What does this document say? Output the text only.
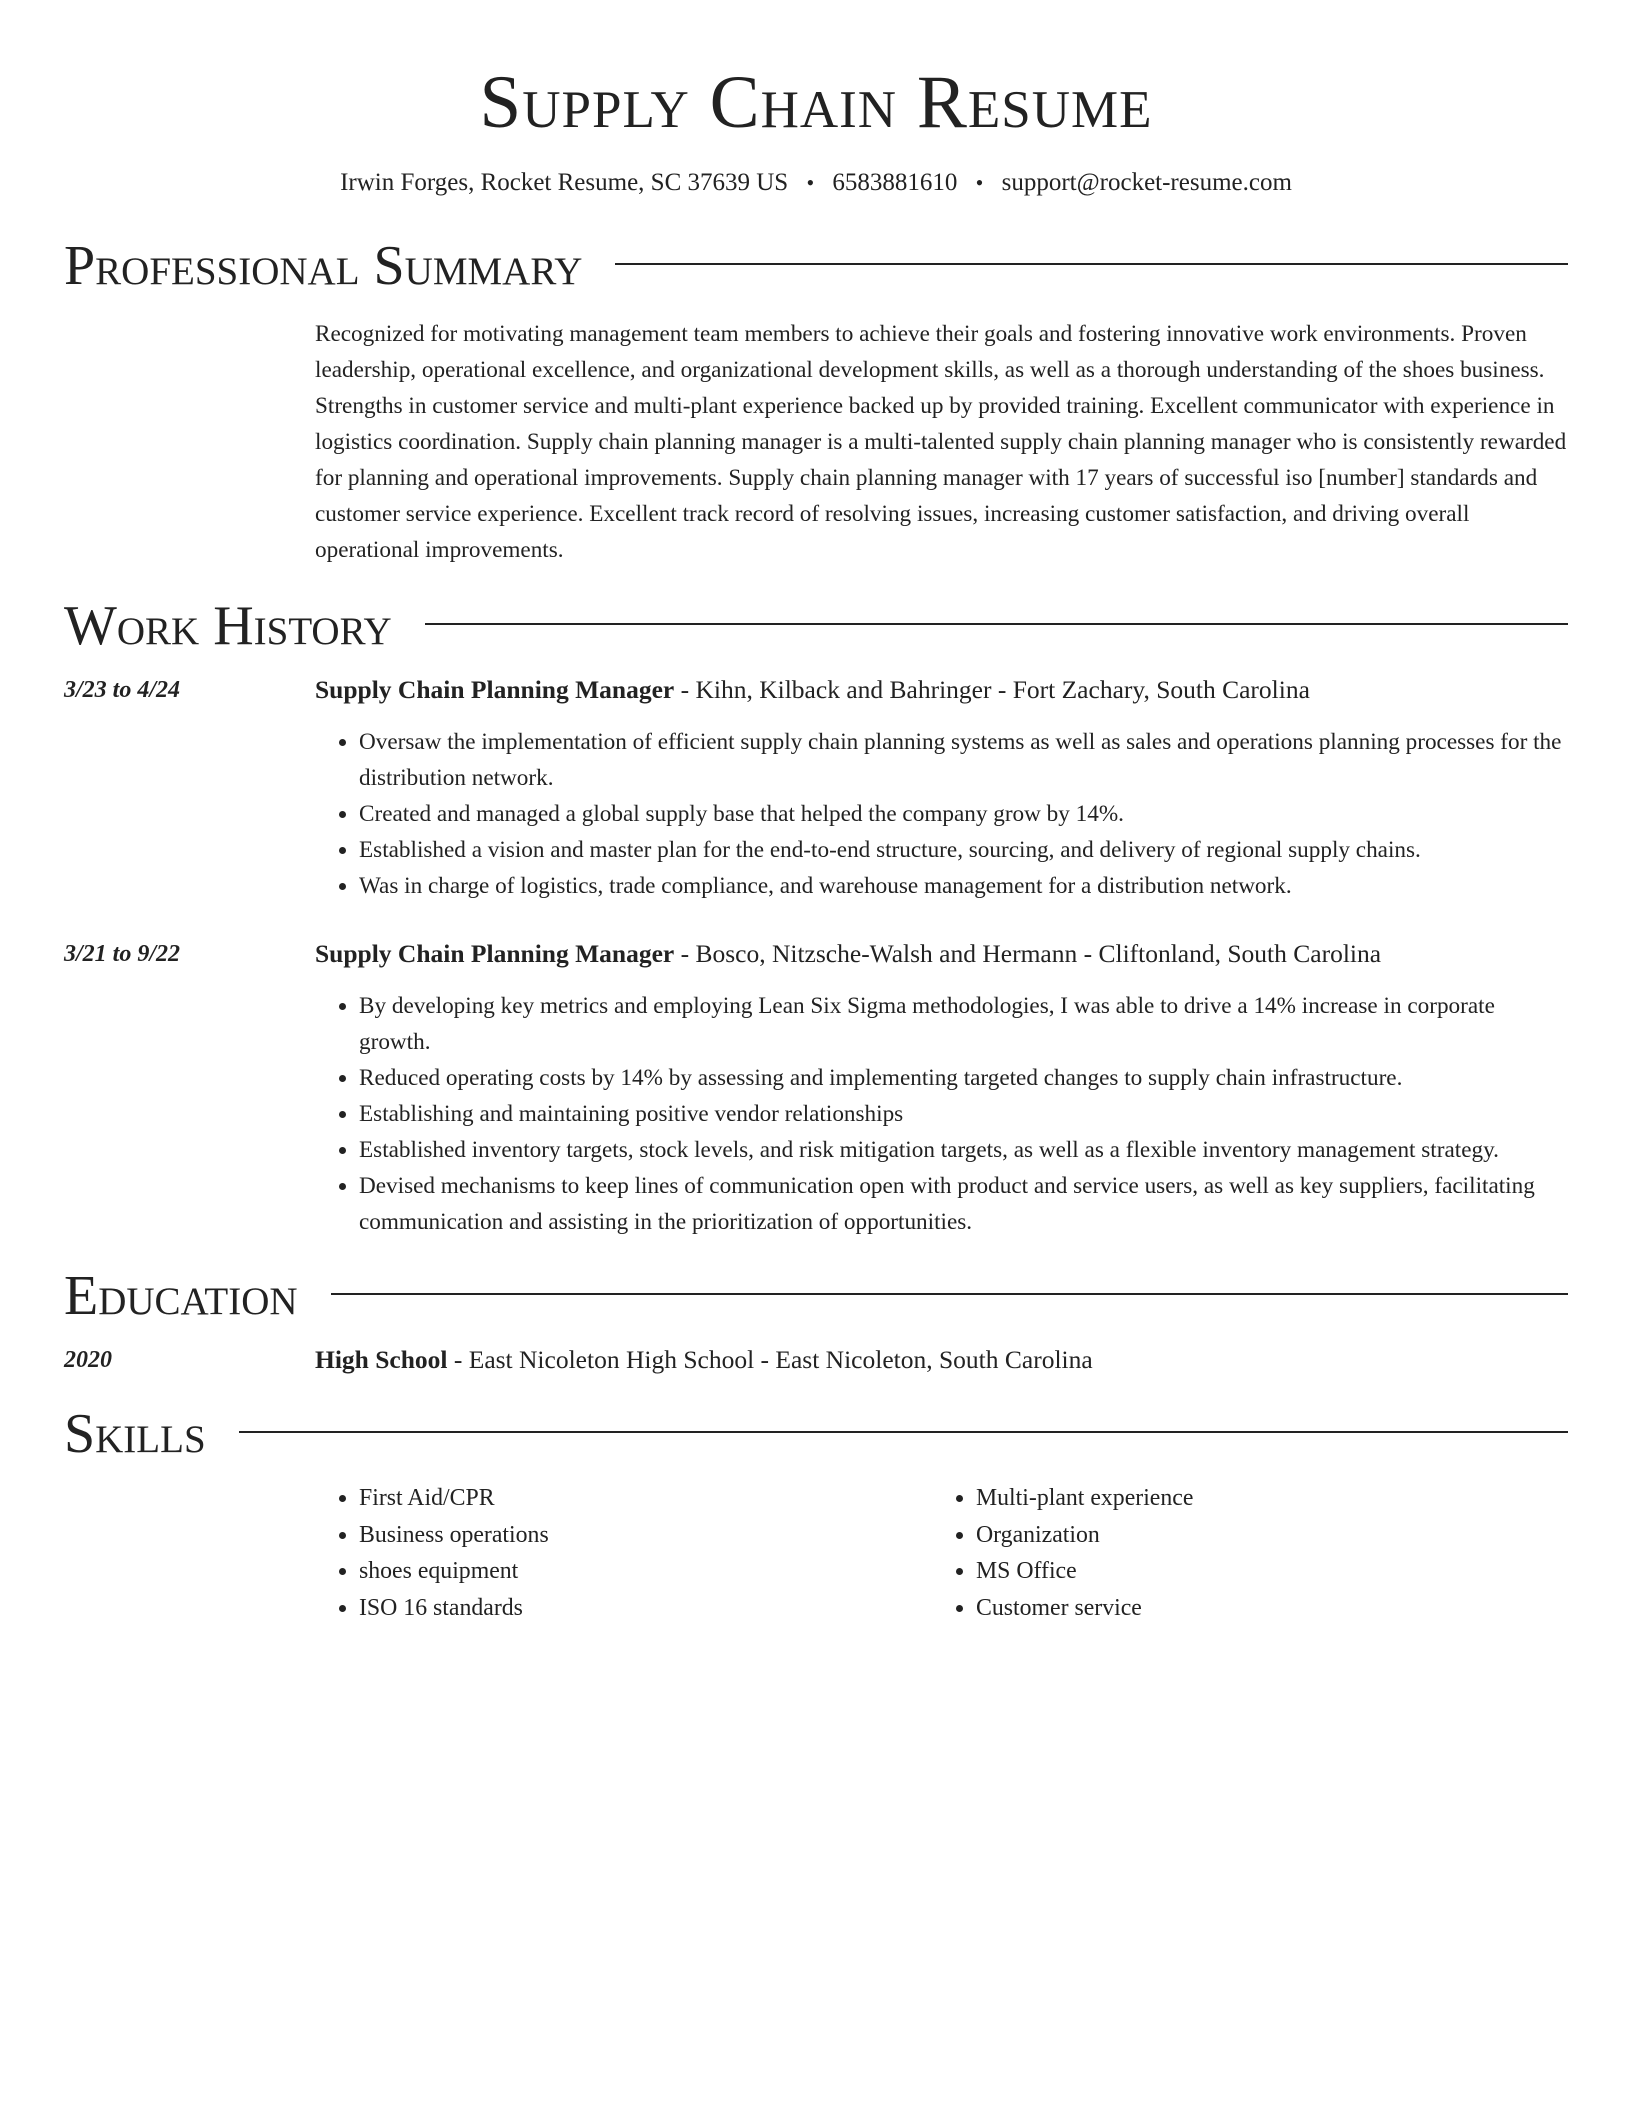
Supply Chain Resume
Irwin Forges, Rocket Resume, SC 37639 US • 6583881610 • support@rocket-resume.com
Professional Summary
Recognized for motivating management team members to achieve their goals and fostering innovative work environments. Proven leadership, operational excellence, and organizational development skills, as well as a thorough understanding of the shoes business. Strengths in customer service and multi-plant experience backed up by provided training. Excellent communicator with experience in logistics coordination. Supply chain planning manager is a multi-talented supply chain planning manager who is consistently rewarded for planning and operational improvements. Supply chain planning manager with 17 years of successful iso [number] standards and customer service experience. Excellent track record of resolving issues, increasing customer satisfaction, and driving overall operational improvements.
Work History
3/23 to 4/24	Supply Chain Planning Manager - Kihn, Kilback and Bahringer - Fort Zachary, South Carolina
• Oversaw the implementation of efficient supply chain planning systems as well as sales and operations planning processes for the distribution network.
• Created and managed a global supply base that helped the company grow by 14%.
• Established a vision and master plan for the end-to-end structure, sourcing, and delivery of regional supply chains.
• Was in charge of logistics, trade compliance, and warehouse management for a distribution network.
3/21 to 9/22	Supply Chain Planning Manager - Bosco, Nitzsche-Walsh and Hermann - Cliftonland, South Carolina
• By developing key metrics and employing Lean Six Sigma methodologies, I was able to drive a 14% increase in corporate growth.
• Reduced operating costs by 14% by assessing and implementing targeted changes to supply chain infrastructure.
• Establishing and maintaining positive vendor relationships
• Established inventory targets, stock levels, and risk mitigation targets, as well as a flexible inventory management strategy.
• Devised mechanisms to keep lines of communication open with product and service users, as well as key suppliers, facilitating communication and assisting in the prioritization of opportunities.
Education
2020	High School - East Nicoleton High School - East Nicoleton, South Carolina
Skills
• First Aid/CPR
• Business operations
• shoes equipment
• ISO 16 standards
• Multi-plant experience
• Organization
• MS Office
• Customer service
